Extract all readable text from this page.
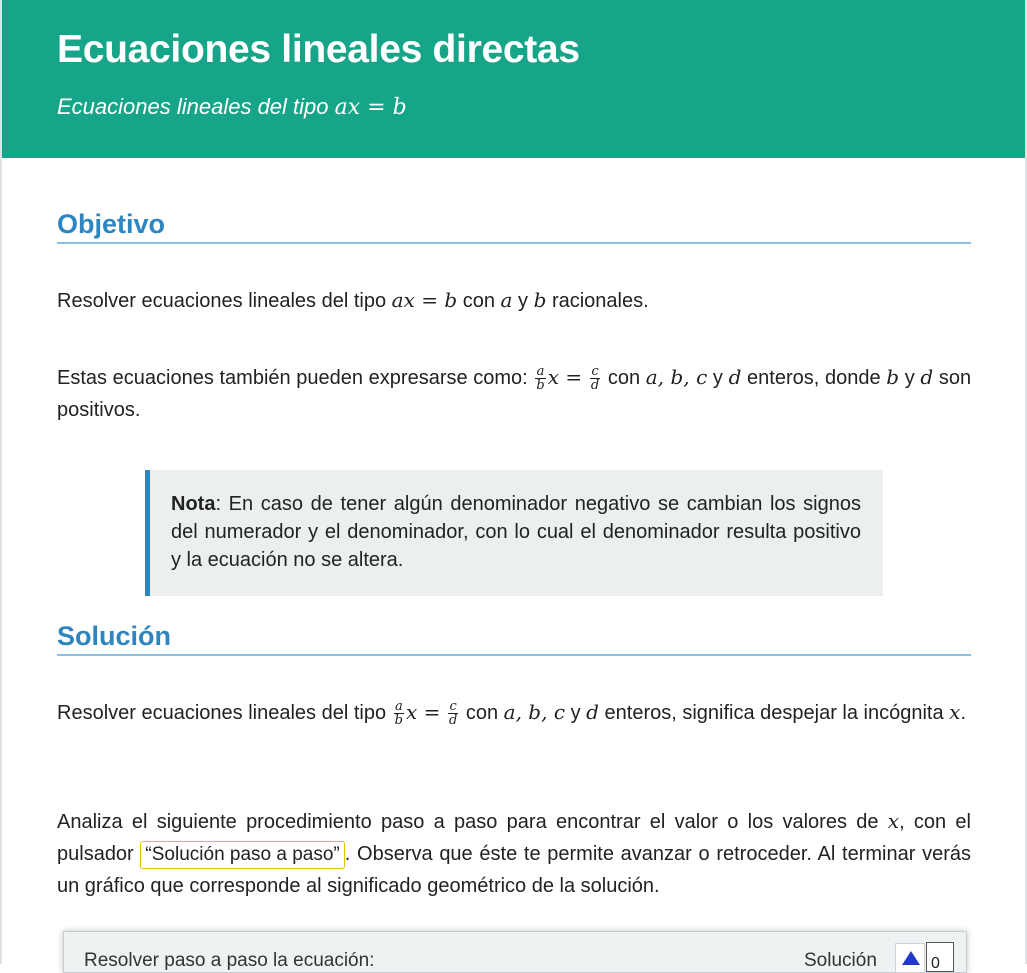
Ecuaciones lineales directas

Ecuaciones lineales del tipo ax = b

Objetivo

Resolver ecuaciones lineales del tipo ax = b con a y b racionales.

Estas ecuaciones también pueden expresarse como: $\frac{a}{b}$ $x = \frac{c}{d}$ con a, b, c y d enteros, donde b y d son positivos.

Nota: En caso de tener algún denominador negativo se cambian los signos del numerador y el denominador, con lo cual el denominador resulta positivo y la ecuación no se altera.

Solución

Resolver ecuaciones lineales del tipo $\frac{a}{b}$ $x = \frac{c}{d}$ con a, b, c y d enteros, significa despejar la incógnita x.

Analiza el siguiente procedimiento paso a paso para encontrar el valor o los valores de x, con el pulsador “Solución paso a paso” . Observa que éste te permite avanzar o retroceder. Al terminar verás un gráfico que corresponde al significado geométrico de la solución.

Resolver paso a paso la ecuación:	Solución	0
